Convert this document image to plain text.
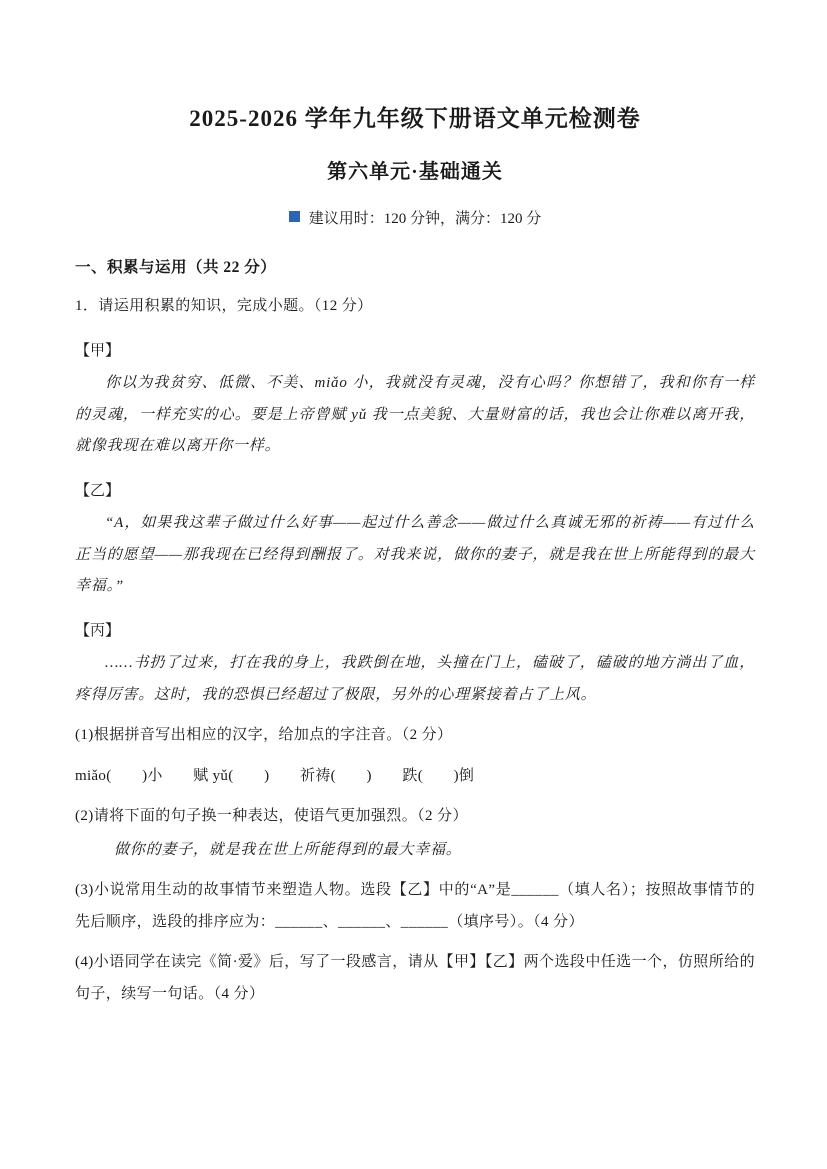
2025-2026 学年九年级下册语文单元检测卷
第六单元·基础通关
建议用时：120 分钟，满分：120 分
一、积累与运用（共 22 分）

1．请运用积累的知识，完成小题。（12 分）

【甲】

你以为我贫穷、低微、不美、miǎo 小，我就没有灵魂，没有心吗？你想错了，我和你有一样的灵魂，一样充实的心。要是上帝曾赋 yǔ 我一点美貌、大量财富的话，我也会让你难以离开我，就像我现在难以离开你一样。

【乙】

“A，如果我这辈子做过什么好事——起过什么善念——做过什么真诚无邪的祈祷——有过什么正当的愿望——那我现在已经得到酬报了。对我来说，做你的妻子，就是我在世上所能得到的最大幸福。”

【丙】

……书扔了过来，打在我的身上，我跌倒在地，头撞在门上，磕破了，磕破的地方淌出了血，疼得厉害。这时，我的恐惧已经超过了极限，另外的心理紧接着占了上风。

(1)根据拼音写出相应的汉字，给加点的字注音。（2 分）

miǎo(　　)小　　赋 yǔ(　　)　　祈祷(　　)　　跌(　　)倒

(2)请将下面的句子换一种表达，使语气更加强烈。（2 分）

做你的妻子，就是我在世上所能得到的最大幸福。

(3)小说常用生动的故事情节来塑造人物。选段【乙】中的“A”是______（填人名）；按照故事情节的先后顺序，选段的排序应为：______、______、______（填序号）。（4 分）

(4)小语同学在读完《简·爱》后，写了一段感言，请从【甲】【乙】两个选段中任选一个，仿照所给的句子，续写一句话。（4 分）
